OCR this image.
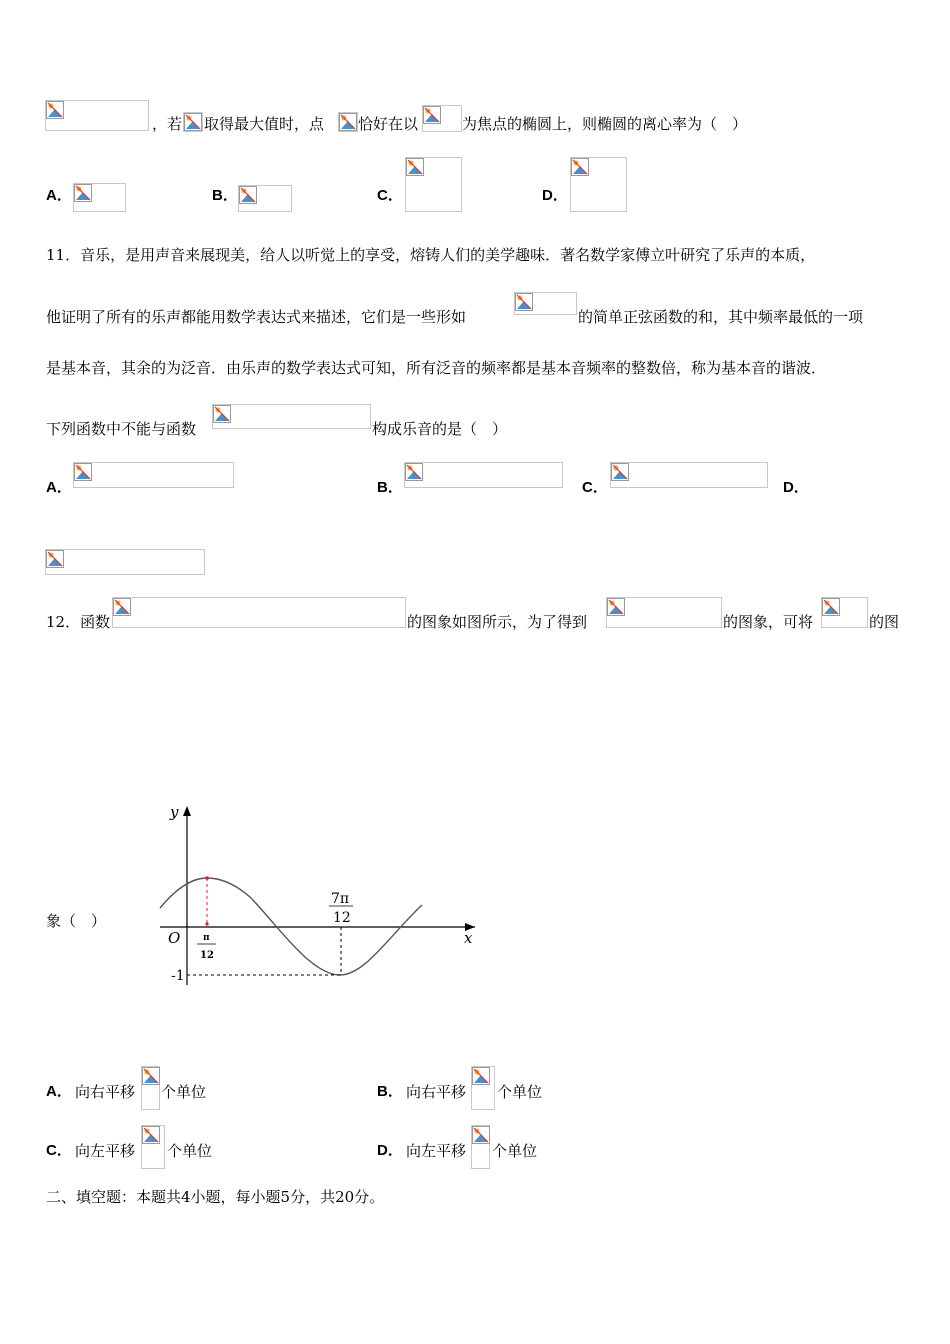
，若 取得最大值时，点 恰好在以	为焦点的椭圆上，则椭圆的离心率为（　）
A．	B．	C．	D．
11．音乐，是用声音来展现美，给人以听觉上的享受，熔铸人们的美学趣味．著名数学家傅立叶研究了乐声的本质，
他证明了所有的乐声都能用数学表达式来描述，它们是一些形如	的简单正弦函数的和，其中频率最低的一项
是基本音，其余的为泛音．由乐声的数学表达式可知，所有泛音的频率都是基本音频率的整数倍，称为基本音的谐波．
下列函数中不能与函数	构成乐音的是（　）
A．	B．	C．	D．
12．函数	的图象如图所示，为了得到	的图象，可将	的图
象（　）
y
x
O	π
12
7π
12
-1
A． 向右平移 个单位	B． 向右平移 个单位
C． 向左平移 个单位	D． 向左平移 个单位
二、填空题：本题共4小题，每小题5分，共20分。
